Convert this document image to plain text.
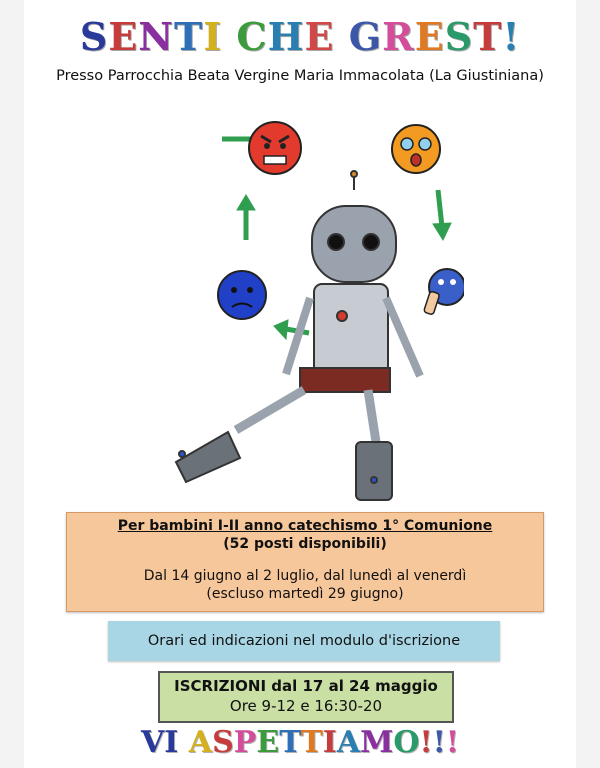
SENTI CHE GREST!
Presso Parrocchia Beata Vergine Maria Immacolata (La Giustiniana)
Per bambini I-II anno catechismo 1° Comunione
(52 posti disponibili)
Dal 14 giugno al 2 luglio, dal lunedì al venerdì
(escluso martedì 29 giugno)
Orari ed indicazioni nel modulo d'iscrizione
ISCRIZIONI dal 17 al 24 maggio
Ore 9-12 e 16:30-20
VI ASPETTIAMO!!!
